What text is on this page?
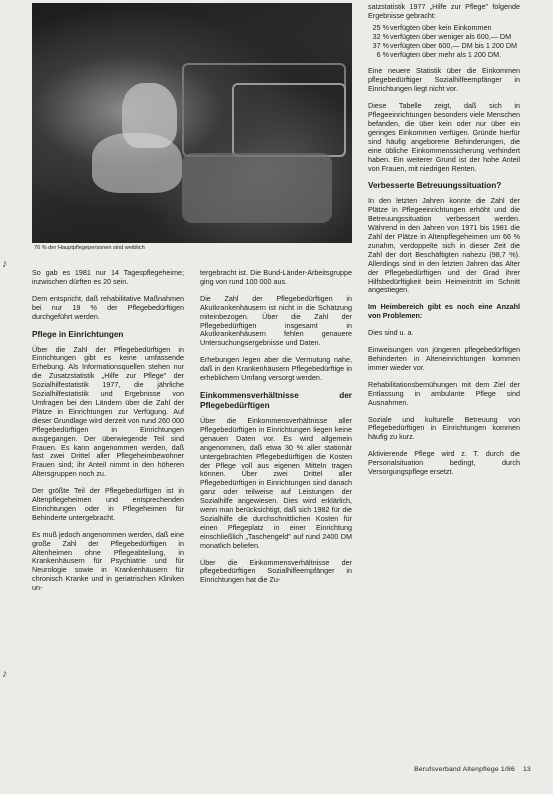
76 % der Hauptpflegepersonen sind weiblich
♪
♪

So gab es 1981 nur 14 Tagespflegeheime; inzwischen dürften es 20 sein.

Dem entspricht, daß rehabilitative Maßnahmen bei nur 19 % der Pflegebedürftigen durchgeführt werden.

Pflege in Einrichtungen

Über die Zahl der Pflegebedürftigen in Einrichtungen gibt es keine umfassende Erhebung. Als Informationsquellen stehen nur die Zusatzstatistik „Hilfe zur Pflege" der Sozialhilfestatistik 1977, die jährliche Sozialhilfestatistik und Ergebnisse von Umfragen bei den Ländern über die Zahl der Plätze in Einrichtungen zur Verfügung. Auf dieser Grundlage wird derzeit von rund 260 000 Pflegebedürftigen in Einrichtungen ausgegangen. Der überwiegende Teil sind Frauen. Es kann angenommen werden, daß fast zwei Drittel aller Pflegeheimbewohner Frauen sind; ihr Anteil nimmt in den höheren Altersgruppen noch zu.

Der größte Teil der Pflegebedürftigen ist in Altenpflegeheimen und entsprechenden Einrichtungen oder in Pflegeheimen für Behinderte untergebracht.

Es muß jedoch angenommen werden, daß eine große Zahl der Pflegebedürftigen in Altenheimen ohne Pflegeabteilung, in Krankenhäusern für Psychiatrie und für Neurologie sowie in Krankenhäusern für chronisch Kranke und in geriatrischen Kliniken un-

tergebracht ist. Die Bund-Länder-Arbeitsgruppe ging von rund 100 000 aus.

Die Zahl der Pflegebedürftigen in Akutkrankenhäusern ist nicht in die Schätzung miteinbezogen. Über die Zahl der Pflegebedürftigen insgesamt in Akutkrankenhäusern fehlen genauere Untersuchungsergebnisse und Daten.

Erhebungen legen aber die Vermutung nahe, daß in den Krankenhäusern Pflegebedürftige in erheblichem Umfang versorgt werden.

Einkommensverhältnisse der Pflegebedürftigen

Über die Einkommensverhältnisse aller Pflegebedürftigen in Einrichtungen liegen keine genauen Daten vor. Es wird allgemein angenommen, daß etwa 30 % aller stationär untergebrachten Pflegebedürftigen die Kosten der Pflege voll aus eigenen Mitteln tragen können. Über zwei Drittel aller Pflegebedürftigen in Einrichtungen sind danach ganz oder teilweise auf Leistungen der Sozialhilfe angewiesen. Dies wird erklärlich, wenn man berücksichtigt, daß sich 1982 für die Sozialhilfe die durchschnittlichen Kosten für einen Pflegeplatz in einer Einrichtung einschließlich „Taschengeld" auf rund 2400 DM monatlich beliefen.

Über die Einkommensverhältnisse der pflegebedürftigen Sozialhilfeempfänger in Einrichtungen hat die Zu-

satzstatistik 1977 „Hilfe zur Pflege" folgende Ergebnisse gebracht:

25 % verfügten über kein Einkommen
32 % verfügten über weniger als 600,— DM
37 % verfügten über 600,— DM bis 1 200 DM
6 % verfügten über mehr als 1 200 DM.

Eine neuere Statistik über die Einkommen pflegebedürftiger Sozialhilfeempfänger in Einrichtungen liegt nicht vor.

Diese Tabelle zeigt, daß sich in Pflegeeinrichtungen besonders viele Menschen befanden, die über kein oder nur über ein geringes Einkommen verfügen. Gründe hierfür sind häufig angeborene Behinderungen, die eine übliche Einkommenssicherung verhindert haben. Ein weiterer Grund ist der hohe Anteil von Frauen, mit niedrigen Renten.

Verbesserte Betreuungssituation?

In den letzten Jahren konnte die Zahl der Plätze in Pflegeeinrichtungen erhöht und die Betreuungssituation verbessert werden. Während in den Jahren von 1971 bis 1981 die Zahl der Plätze in Altenpflegeheimen um 66 % zunahm, verdoppelte sich in dieser Zeit die Zahl der dort Beschäftigten nahezu (98,7 %). Allerdings sind in den letzten Jahren das Alter der Pflegebedürftigen und der Grad ihrer Hilfsbedürftigkeit beim Heimeintritt im Schnitt angestiegen.

Im Heimbereich gibt es noch eine Anzahl von Problemen:

Dies sind u. a.

Einweisungen von jüngeren pflegebedürftigen Behinderten in Alteneinrichtungen kommen immer wieder vor.

Rehabilitationsbemühungen mit dem Ziel der Entlassung in ambulante Pflege sind Ausnahmen.

Soziale und kulturelle Betreuung von Pflegebedürftigen in Einrichtungen kommen häufig zu kurz.

Aktivierende Pflege wird z. T. durch die Personalsituation bedingt, durch Versorgungspflege ersetzt.

Berufsverband Altenpflege 1/86 13
